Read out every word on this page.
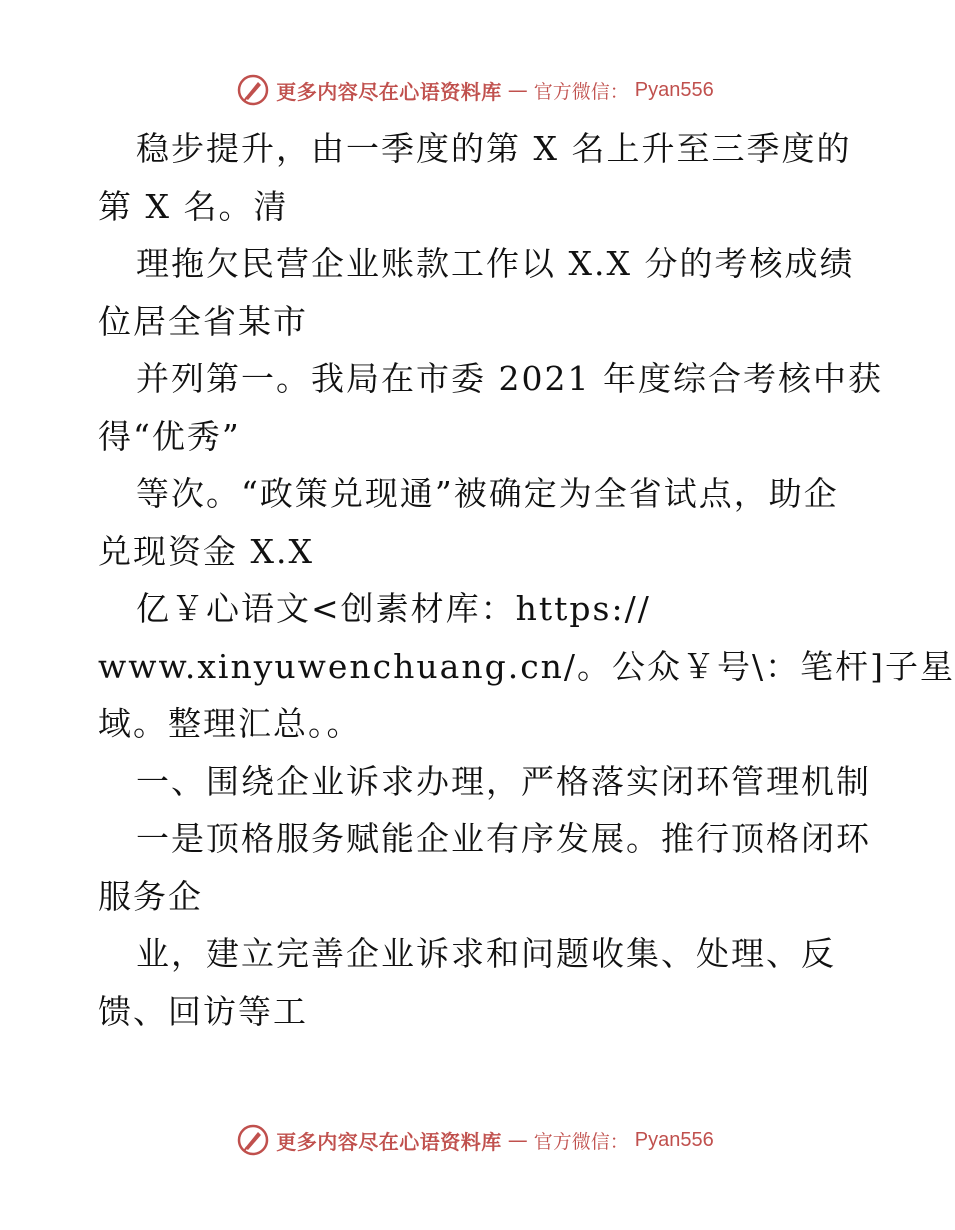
更多内容尽在心语资料库 — 官方微信： Pyan556
稳步提升，由一季度的第 X 名上升至三季度的
第 X 名。清
理拖欠民营企业账款工作以 X.X 分的考核成绩
位居全省某市
并列第一。我局在市委 2021 年度综合考核中获
得“优秀”
等次。“政策兑现通”被确定为全省试点，助企
兑现资金 X.X
亿￥心语文<创素材库：https://
www.xinyuwenchuang.cn/。公众￥号\：笔杆]子星
域。整理汇总。。
一、围绕企业诉求办理，严格落实闭环管理机制
一是顶格服务赋能企业有序发展。推行顶格闭环
服务企
业，建立完善企业诉求和问题收集、处理、反
馈、回访等工
更多内容尽在心语资料库 — 官方微信： Pyan556
